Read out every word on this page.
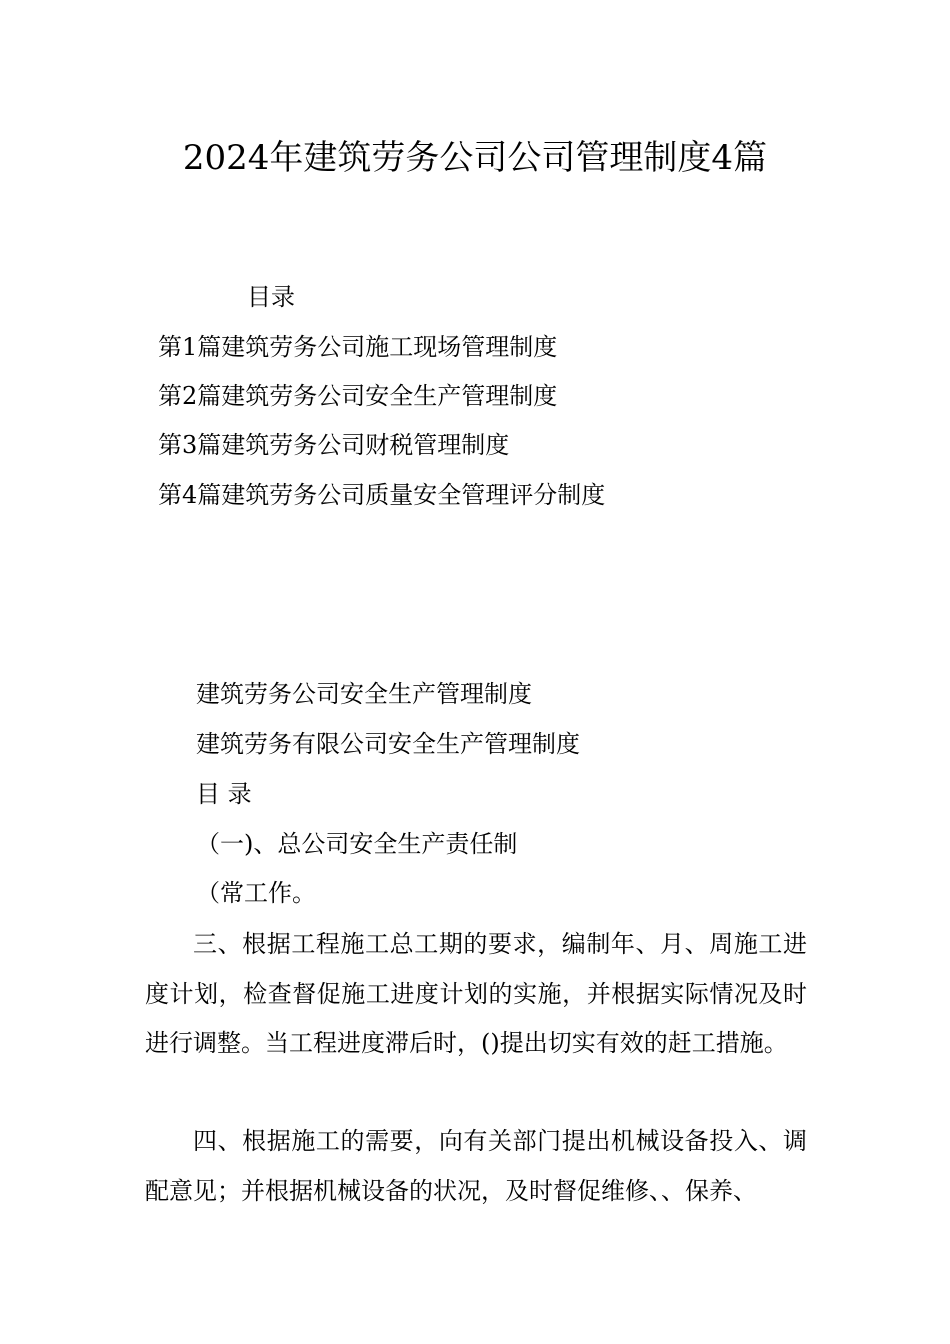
2024年建筑劳务公司公司管理制度4篇
目录
第1篇建筑劳务公司施工现场管理制度
第2篇建筑劳务公司安全生产管理制度
第3篇建筑劳务公司财税管理制度
第4篇建筑劳务公司质量安全管理评分制度
建筑劳务公司安全生产管理制度
建筑劳务有限公司安全生产管理制度
目 录
（一)、总公司安全生产责任制
（常工作。

三、根据工程施工总工期的要求，编制年、月、周施工进度计划，检查督促施工进度计划的实施，并根据实际情况及时进行调整。当工程进度滞后时，()提出切实有效的赶工措施。

四、根据施工的需要，向有关部门提出机械设备投入、调配意见；并根据机械设备的状况，及时督促维修、、保养、
